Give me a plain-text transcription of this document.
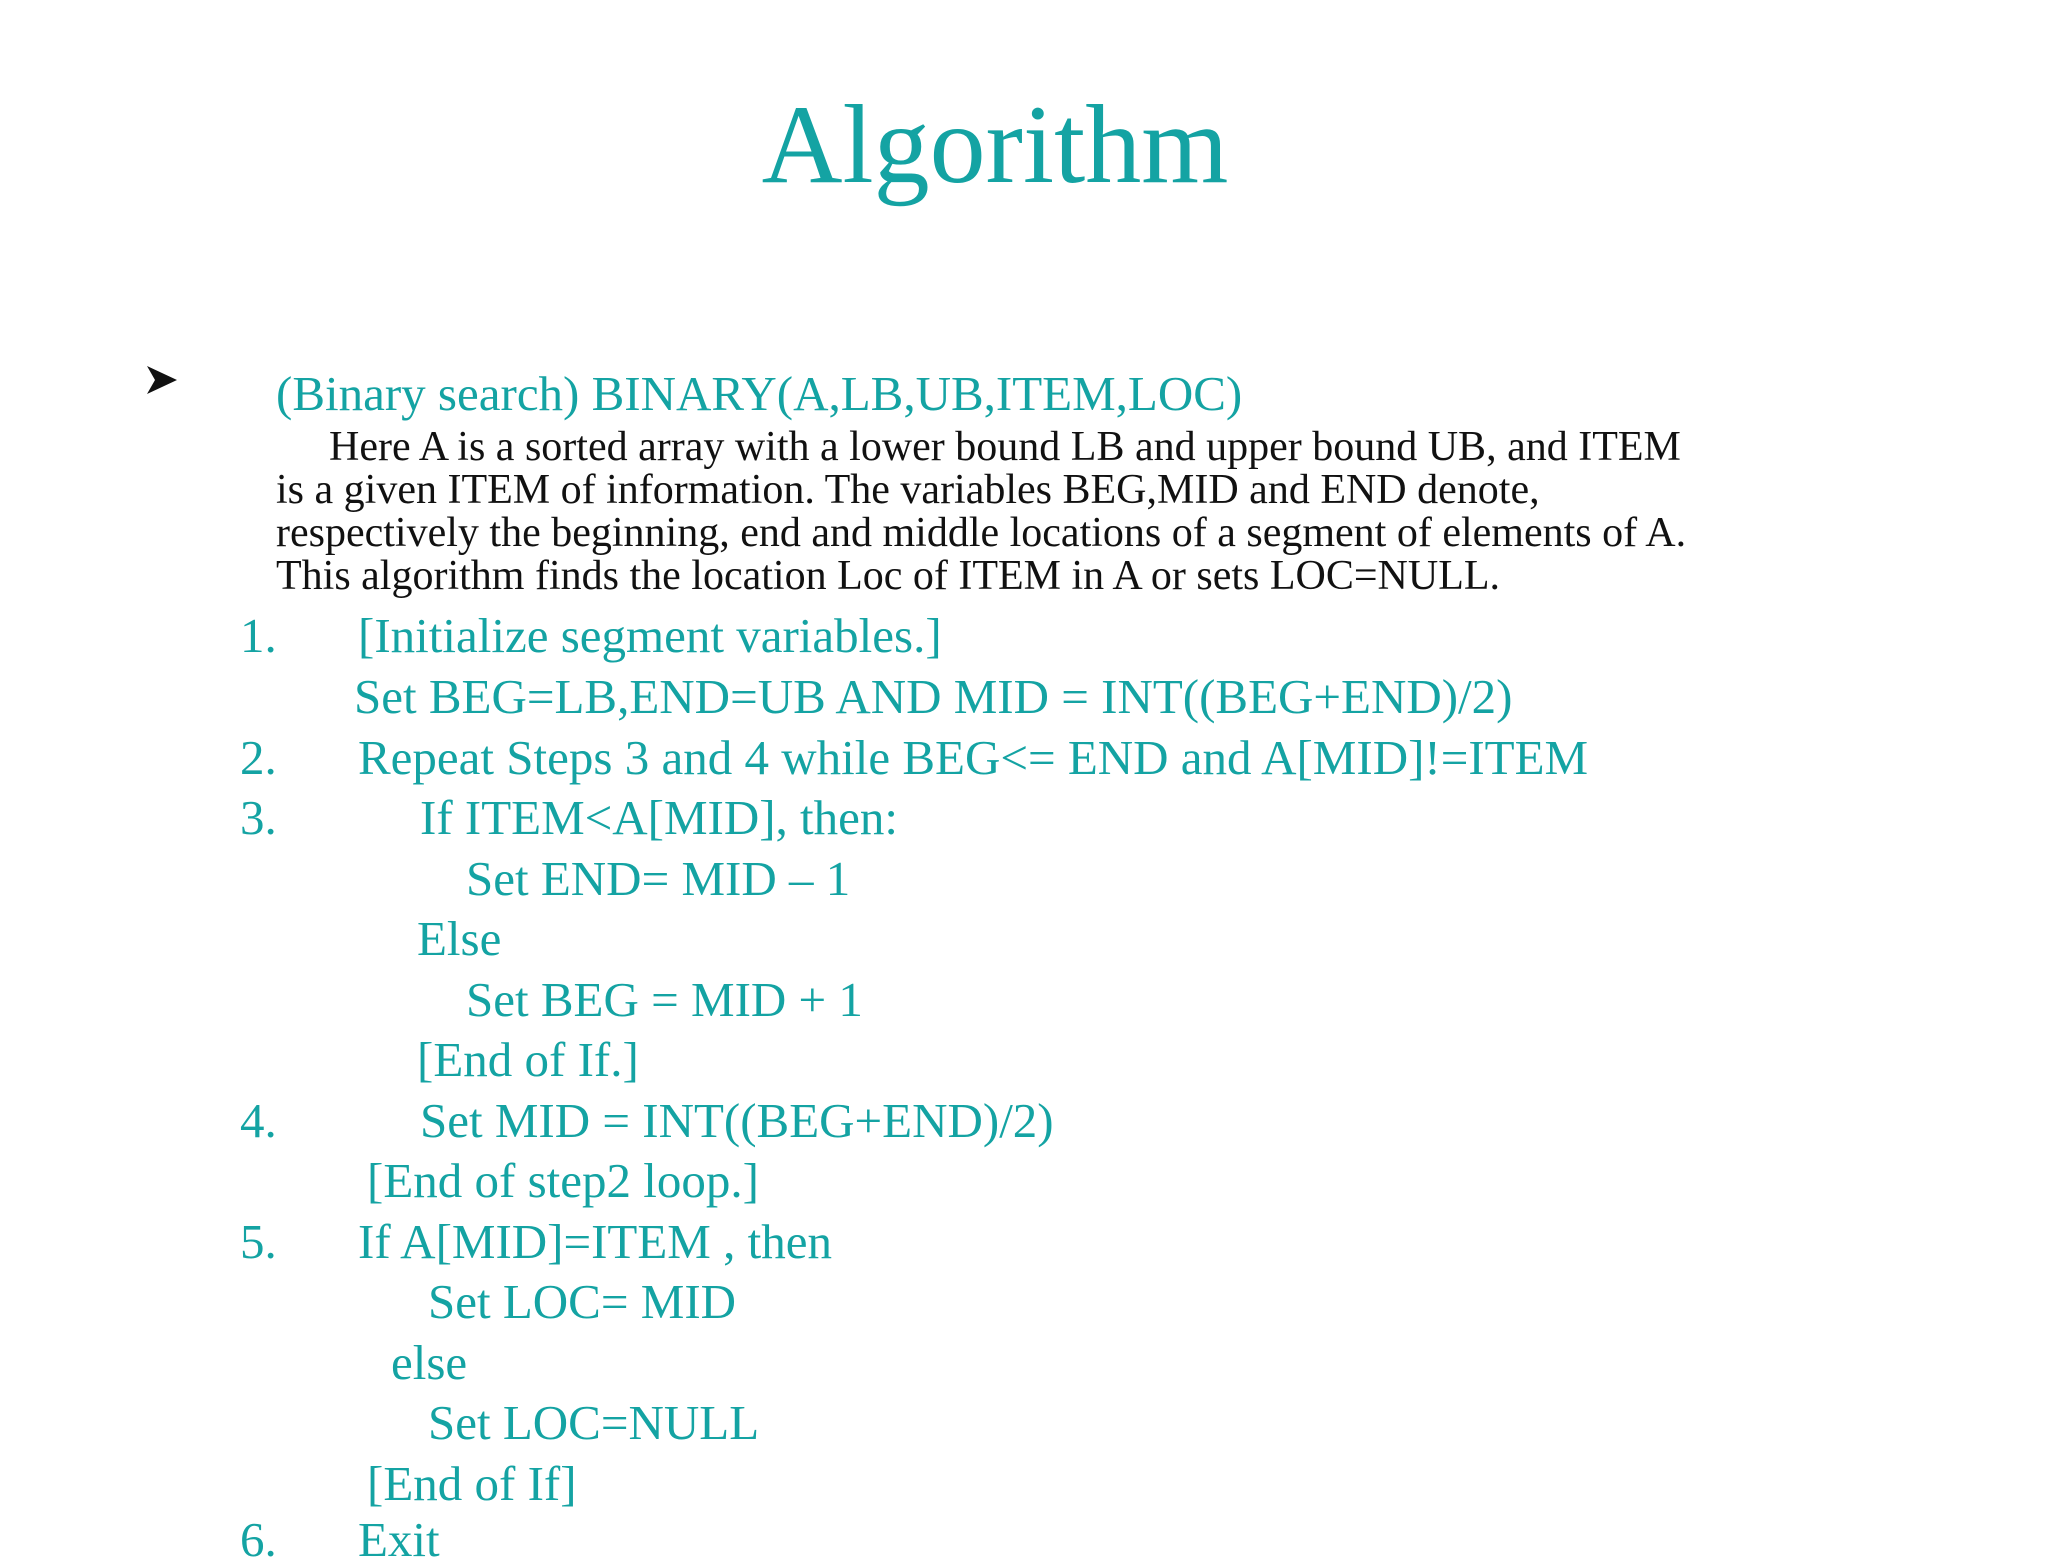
Algorithm
(Binary search) BINARY(A,LB,UB,ITEM,LOC)
Here A is a sorted array with a lower bound LB and upper bound UB, and ITEM
is a given ITEM of information. The variables BEG,MID and END denote,
respectively the beginning, end and middle locations of a segment of elements of A.
This algorithm finds the location Loc of ITEM in A or sets LOC=NULL.
1. [Initialize segment variables.]
Set BEG=LB,END=UB AND MID = INT((BEG+END)/2)
2. Repeat Steps 3 and 4 while BEG<= END and A[MID]!=ITEM
3.	If ITEM<A[MID], then:
Set END= MID – 1
Else
Set BEG = MID + 1
[End of If.]
4.	Set MID = INT((BEG+END)/2)
[End of step2 loop.]
5. If A[MID]=ITEM , then
Set LOC= MID
else
Set LOC=NULL
[End of If]
6. Exit
